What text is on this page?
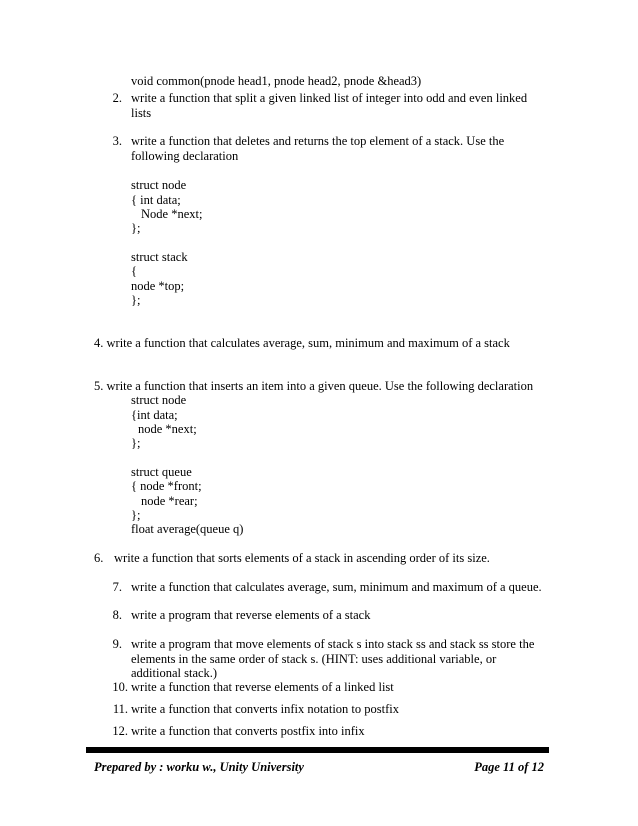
void common(pnode head1, pnode head2, pnode &head3)
2. write a function that split a given linked list of integer into odd and even linked
lists
3. write a function that deletes and returns the top element of a stack. Use the
following declaration
struct node
{ int data;
Node *next;
};
struct stack
{
node *top;
};
4. write a function that calculates average, sum, minimum and maximum of a stack
5. write a function that inserts an item into a given queue. Use the following declaration
struct node
{int data;
node *next;
};
struct queue
{ node *front;
node *rear;
};
float average(queue q)
6. write a function that sorts elements of a stack in ascending order of its size.
7. write a function that calculates average, sum, minimum and maximum of a queue.
8. write a program that reverse elements of a stack
9. write a program that move elements of stack s into stack ss and stack ss store the
elements in the same order of stack s. (HINT: uses additional variable, or
additional stack.)
10. write a function that reverse elements of a linked list
11. write a function that converts infix notation to postfix
12. write a function that converts postfix into infix
Prepared by : worku w., Unity University	Page 11 of 12
